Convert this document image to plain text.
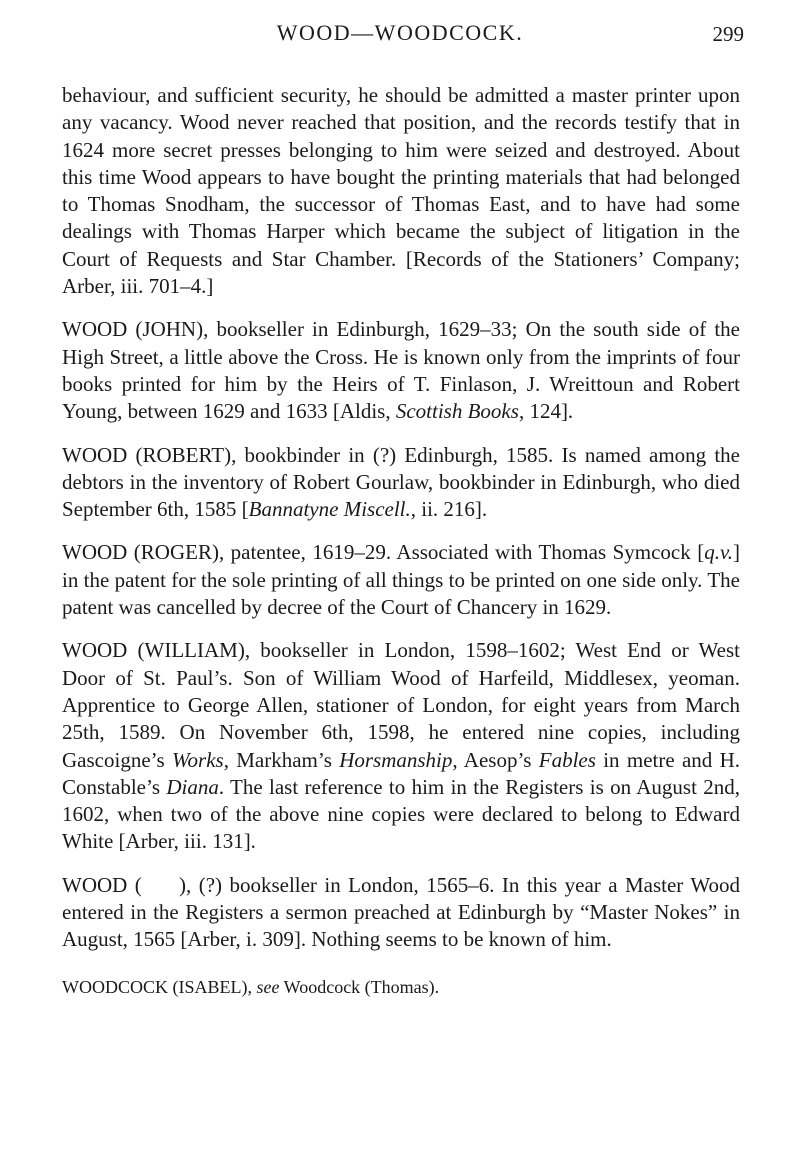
WOOD—WOODCOCK.	299

behaviour, and sufficient security, he should be admitted a master printer upon any vacancy. Wood never reached that position, and the records testify that in 1624 more secret presses belonging to him were seized and destroyed. About this time Wood appears to have bought the printing materials that had belonged to Thomas Snodham, the successor of Thomas East, and to have had some dealings with Thomas Harper which became the subject of litigation in the Court of Requests and Star Chamber. [Records of the Stationers’ Company; Arber, iii. 701–4.]

WOOD (JOHN), bookseller in Edinburgh, 1629–33; On the south side of the High Street, a little above the Cross. He is known only from the imprints of four books printed for him by the Heirs of T. Finlason, J. Wreittoun and Robert Young, between 1629 and 1633 [Aldis, Scottish Books, 124].

WOOD (ROBERT), bookbinder in (?) Edinburgh, 1585. Is named among the debtors in the inventory of Robert Gourlaw, bookbinder in Edinburgh, who died September 6th, 1585 [Bannatyne Miscell., ii. 216].

WOOD (ROGER), patentee, 1619–29. Associated with Thomas Symcock [q.v.] in the patent for the sole printing of all things to be printed on one side only. The patent was cancelled by decree of the Court of Chancery in 1629.

WOOD (WILLIAM), bookseller in London, 1598–1602; West End or West Door of St. Paul’s. Son of William Wood of Harfeild, Middlesex, yeoman. Apprentice to George Allen, stationer of London, for eight years from March 25th, 1589. On November 6th, 1598, he entered nine copies, including Gascoigne’s Works, Markham’s Horsmanship, Aesop’s Fables in metre and H. Constable’s Diana. The last reference to him in the Registers is on August 2nd, 1602, when two of the above nine copies were declared to belong to Edward White [Arber, iii. 131].

WOOD (     ), (?) bookseller in London, 1565–6. In this year a Master Wood entered in the Registers a sermon preached at Edinburgh by “Master Nokes” in August, 1565 [Arber, i. 309]. Nothing seems to be known of him.

WOODCOCK (ISABEL), see Woodcock (Thomas).
